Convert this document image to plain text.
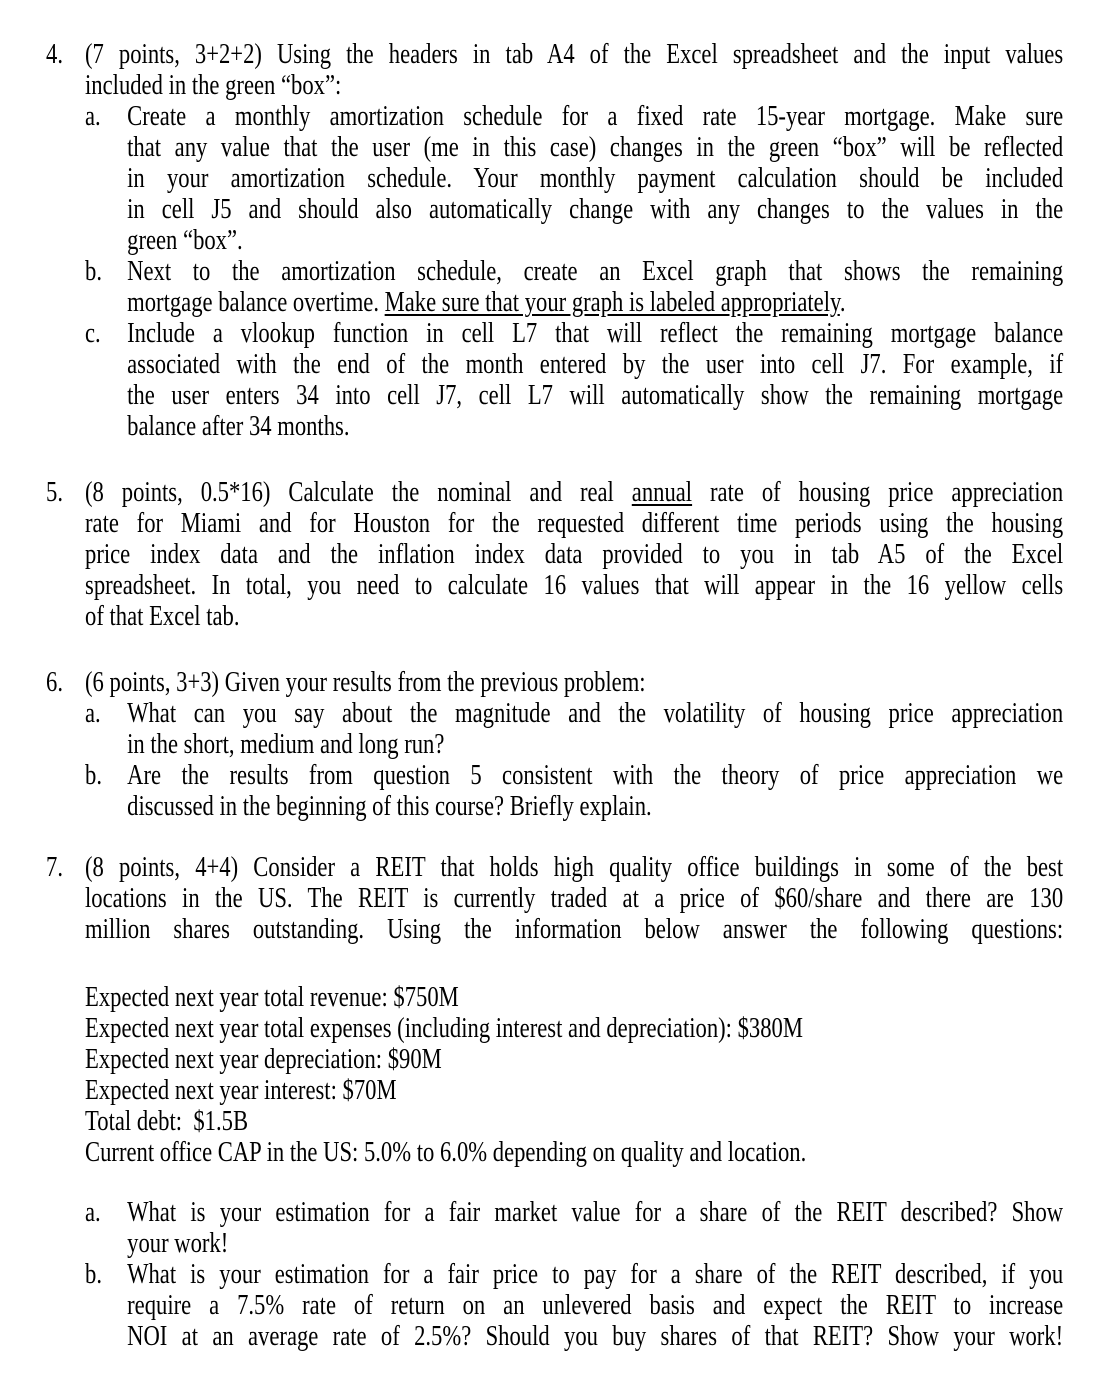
4. (7 points, 3+2+2) Using the headers in tab A4 of the Excel spreadsheet and the input values
included in the green “box”:
a. Create a monthly amortization schedule for a fixed rate 15-year mortgage. Make sure
that any value that the user (me in this case) changes in the green “box” will be reflected
in your amortization schedule. Your monthly payment calculation should be included
in cell J5 and should also automatically change with any changes to the values in the
green “box”.
b. Next to the amortization schedule, create an Excel graph that shows the remaining
mortgage balance overtime. Make sure that your graph is labeled appropriately.
c. Include a vlookup function in cell L7 that will reflect the remaining mortgage balance
associated with the end of the month entered by the user into cell J7. For example, if
the user enters 34 into cell J7, cell L7 will automatically show the remaining mortgage
balance after 34 months.
5. (8 points, 0.5*16) Calculate the nominal and real annual rate of housing price appreciation
rate for Miami and for Houston for the requested different time periods using the housing
price index data and the inflation index data provided to you in tab A5 of the Excel
spreadsheet. In total, you need to calculate 16 values that will appear in the 16 yellow cells
of that Excel tab.
6. (6 points, 3+3) Given your results from the previous problem:
a. What can you say about the magnitude and the volatility of housing price appreciation
in the short, medium and long run?
b. Are the results from question 5 consistent with the theory of price appreciation we
discussed in the beginning of this course? Briefly explain.
7. (8 points, 4+4) Consider a REIT that holds high quality office buildings in some of the best
locations in the US. The REIT is currently traded at a price of $60/share and there are 130
million shares outstanding. Using the information below answer the following questions:
Expected next year total revenue: $750M
Expected next year total expenses (including interest and depreciation): $380M
Expected next year depreciation: $90M
Expected next year interest: $70M
Total debt:  $1.5B
Current office CAP in the US: 5.0% to 6.0% depending on quality and location.
a. What is your estimation for a fair market value for a share of the REIT described? Show
your work!
b. What is your estimation for a fair price to pay for a share of the REIT described, if you
require a 7.5% rate of return on an unlevered basis and expect the REIT to increase
NOI at an average rate of 2.5%? Should you buy shares of that REIT? Show your work!
